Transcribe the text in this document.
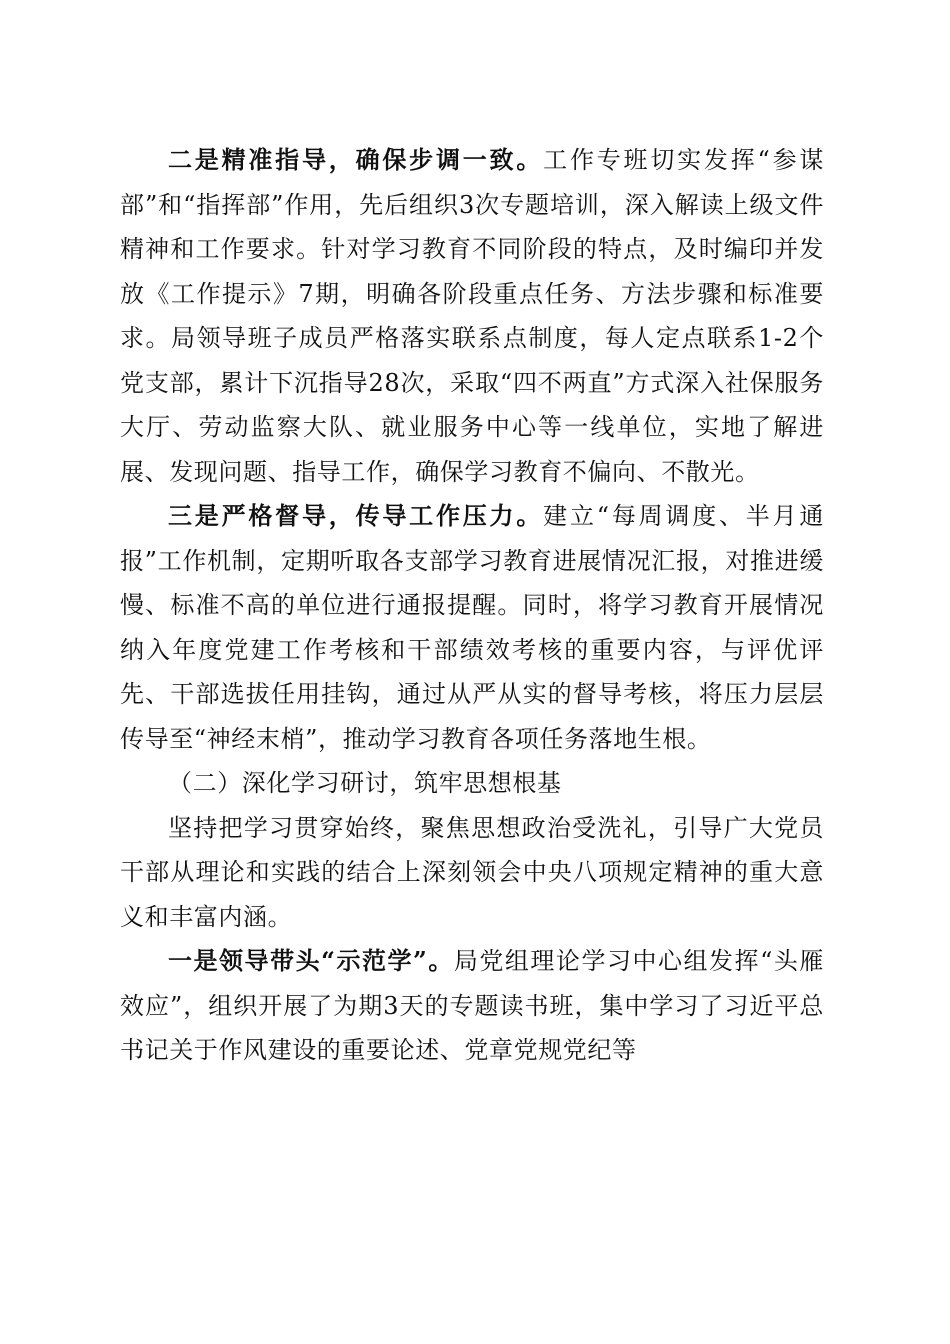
二是精准指导，确保步调一致。工作专班切实发挥“参谋部”和“指挥部”作用，先后组织3次专题培训，深入解读上级文件精神和工作要求。针对学习教育不同阶段的特点，及时编印并发放《工作提示》7期，明确各阶段重点任务、方法步骤和标准要求。局领导班子成员严格落实联系点制度，每人定点联系1-2个党支部，累计下沉指导28次，采取“四不两直”方式深入社保服务大厅、劳动监察大队、就业服务中心等一线单位，实地了解进展、发现问题、指导工作，确保学习教育不偏向、不散光。

三是严格督导，传导工作压力。建立“每周调度、半月通报”工作机制，定期听取各支部学习教育进展情况汇报，对推进缓慢、标准不高的单位进行通报提醒。同时，将学习教育开展情况纳入年度党建工作考核和干部绩效考核的重要内容，与评优评先、干部选拔任用挂钩，通过从严从实的督导考核，将压力层层传导至“神经末梢”，推动学习教育各项任务落地生根。

（二）深化学习研讨，筑牢思想根基

坚持把学习贯穿始终，聚焦思想政治受洗礼，引导广大党员干部从理论和实践的结合上深刻领会中央八项规定精神的重大意义和丰富内涵。

一是领导带头“示范学”。局党组理论学习中心组发挥“头雁效应”，组织开展了为期3天的专题读书班，集中学习了习近平总书记关于作风建设的重要论述、党章党规党纪等
